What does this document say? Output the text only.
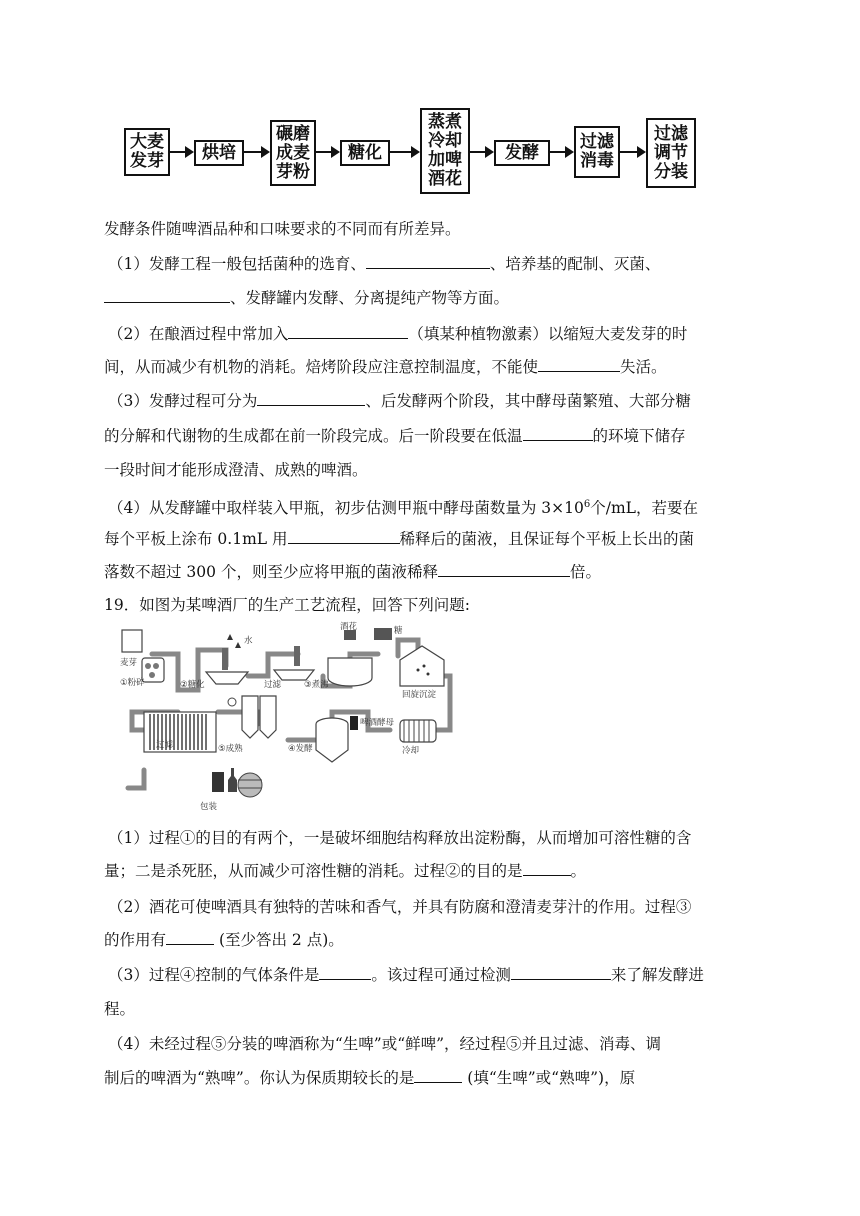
大麦
发芽	烘培
碾磨
成麦
芽粉
糖化
蒸煮
冷却
加啤
酒花
发酵
过滤
消毒
过滤
调节
分装
发酵条件随啤酒品种和口味要求的不同而有所差异。
（1）发酵工程一般包括菌种的选育、	、培养基的配制、灭菌、
、发酵罐内发酵、分离提纯产物等方面。
（2）在酿酒过程中常加入	（填某种植物激素）以缩短大麦发芽的时
间，从而减少有机物的消耗。焙烤阶段应注意控制温度，不能使	失活。
（3）发酵过程可分为	、后发酵两个阶段，其中酵母菌繁殖、大部分糖
的分解和代谢物的生成都在前一阶段完成。后一阶段要在低温	的环境下储存
一段时间才能形成澄清、成熟的啤酒。
（4）从发酵罐中取样装入甲瓶，初步估测甲瓶中酵母菌数量为 $3\times 10^6$个/mL，若要在
每个平板上涂布 0.1mL 用	稀释后的菌液，且保证每个平板上长出的菌
落数不超过 300 个，则至少应将甲瓶的菌液稀释	倍。
19．如图为某啤酒厂的生产工艺流程，回答下列问题:
麦芽
①粉碎
水
②糖化	过滤	③煮沸
酒花	糖
回旋沉淀
啤酒酵母
冷却
④发酵
⑤成熟
过滤
包装
（1）过程①的目的有两个，一是破坏细胞结构释放出淀粉酶，从而增加可溶性糖的含
量；二是杀死胚，从而减少可溶性糖的消耗。过程②的目的是	。
（2）酒花可使啤酒具有独特的苦味和香气，并具有防腐和澄清麦芽汁的作用。过程③
的作用有	(至少答出 2 点)。
（3）过程④控制的气体条件是	。该过程可通过检测	来了解发酵进
程。
（4）未经过程⑤分装的啤酒称为“生啤”或“鲜啤”，经过程⑤并且过滤、消毒、调
制后的啤酒为“熟啤”。你认为保质期较长的是	(填“生啤”或“熟啤”)，原
